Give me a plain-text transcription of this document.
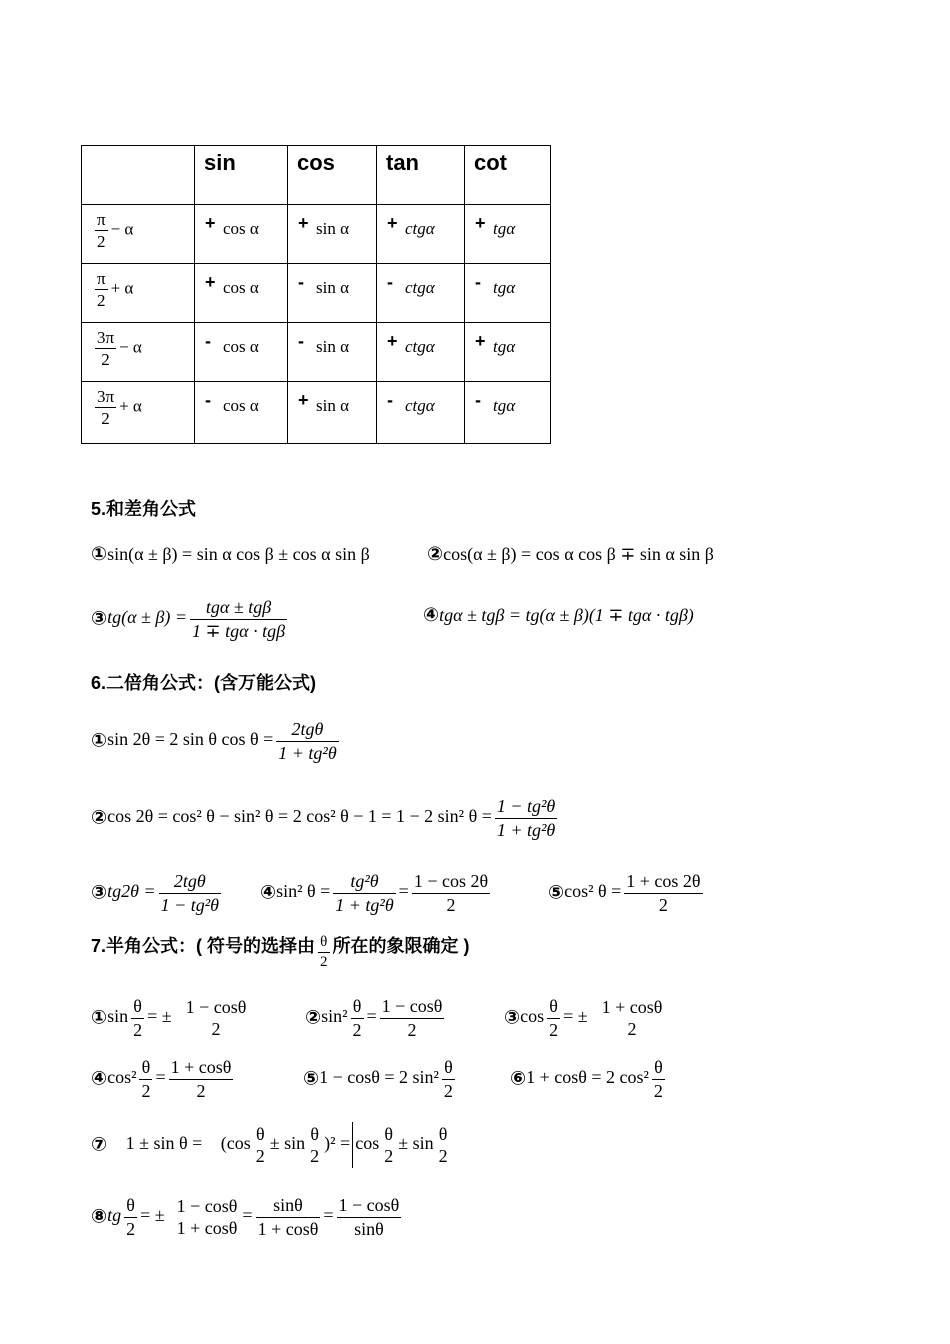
	sin	cos	tan	cot

$\frac{\pi}{2} - \alpha$	+ cos α	+ sin α	+ ctgα	+ tgα

$\frac{\pi}{2} + \alpha$	+ cos α	- sin α	- ctgα	- tgα

$\frac{3\pi}{2} - \alpha$	- cos α	- sin α	+ ctgα	+ tgα

$\frac{3\pi}{2} + \alpha$	- cos α	+ sin α	- ctgα	- tgα
5.和差角公式
①sin(α ± β) = sin α cos β ± cos α sin β	②cos(α ± β) = cos α cos β ∓ sin α sin β
③tg(α ± β) =
tgα ± tgβ
1 ∓ tgα · tgβ
④tgα ± tgβ = tg(α ± β)(1 ∓ tgα · tgβ)
6.二倍角公式：(含万能公式)
①sin 2θ = 2 sin θ cos θ =
2tgθ
1 + tg²θ
②cos 2θ = cos² θ − sin² θ = 2 cos² θ − 1 = 1 − 2 sin² $\theta = \frac{\text{1 − tg²θ}}{\text{1 + tg²θ}}$
③tg2θ =
2tgθ
1 − tg²θ
④sin² $\theta = \frac{\text{tg²θ}}{\text{1 + tg²θ}} = \frac{1 - \cos 2\theta}{2}$	⑤cos² $\theta = \frac{1 + \cos 2\theta}{2}$
7.半角公式：( 符号的选择由 $\frac{\theta}{2}$ 所在的象限确定 )
①sin $\frac{\theta}{2}$ = ± 1 − cosθ
2
②sin² $\frac{\theta}{2} = \frac{1 - \cos\theta}{2}$	③cos $\frac{\theta}{2}$ = ± 1 + cosθ
2
④cos² $\frac{\theta}{2} = \frac{1 + \cos\theta}{2}$	⑤1 − cosθ = 2 $\sin^2 \frac{\theta}{2}$	⑥1 + cosθ = 2 $\cos^2 \frac{\theta}{2}$
⑦ 1 ± sin θ = (cos θ
2
± sin θ
2
)² = cos θ
2
± sin θ
2
⑧tg $\frac{\theta}{2}$ = ± 1 − cosθ
1 + cosθ
= $\frac{\sin\theta}{1 + \cos\theta} = \frac{1 - \cos\theta}{\sin\theta}$
